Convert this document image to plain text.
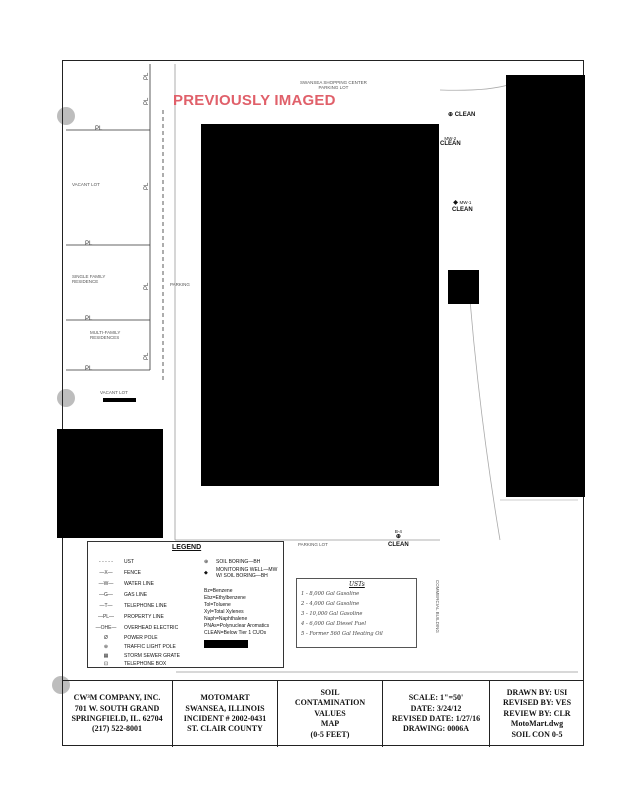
PL
PL
PL
PL
PL
PL
PL
PL
PL
SWANSEA SHOPPING CENTER
PARKING LOT
PREVIOUSLY IMAGED
VACANT LOT
SINGLE FAMILY
RESIDENCE
MULTI-FAMILY
RESIDENCES
VACANT LOT
PARKING
PARKING LOT
COMMERCIAL BUILDING
⊕ CLEAN
MW-2
CLEAN
◆ MW-1
CLEAN
B-4
⊕
CLEAN
LEGEND
- - - - -	UST
—X—	FENCE
—W—	WATER LINE
—G—	GAS LINE
—T—	TELEPHONE LINE
—PL—	PROPERTY LINE
—OHE—	OVERHEAD ELECTRIC
Ø	POWER POLE
⊕	TRAFFIC LIGHT POLE
▦	STORM SEWER GRATE
⊡	TELEPHONE BOX
⊕ SOIL BORING—BH
◆ MONITORING WELL—MW
W/ SOIL BORING—BH
Bz=Benzene
Ebz=Ethylbenzene
Tol=Toluene
Xyl=Total Xylenes
Naph=Naphthalene
PNAs=Polynuclear Aromatics
CLEAN=Below Tier 1 CUOs
USTs
1 - 8,000 Gal Gasoline
2 - 4,000 Gal Gasoline
3 - 10,000 Gal Gasoline
4 - 6,000 Gal Diesel Fuel
5 - Former 560 Gal Heating Oil
CW³M COMPANY, INC.
701 W. SOUTH GRAND
SPRINGFIELD, IL. 62704
(217) 522-8001
MOTOMART
SWANSEA, ILLINOIS
INCIDENT # 2002-0431
ST. CLAIR COUNTY
SOIL
CONTAMINATION
VALUES
MAP
(0-5 FEET)
SCALE: 1"=50'
DATE: 3/24/12
REVISED DATE: 1/27/16
DRAWING: 0006A
DRAWN BY: USI
REVISED BY: VES
REVIEW BY: CLR
MotoMart.dwg
SOIL CON 0-5
